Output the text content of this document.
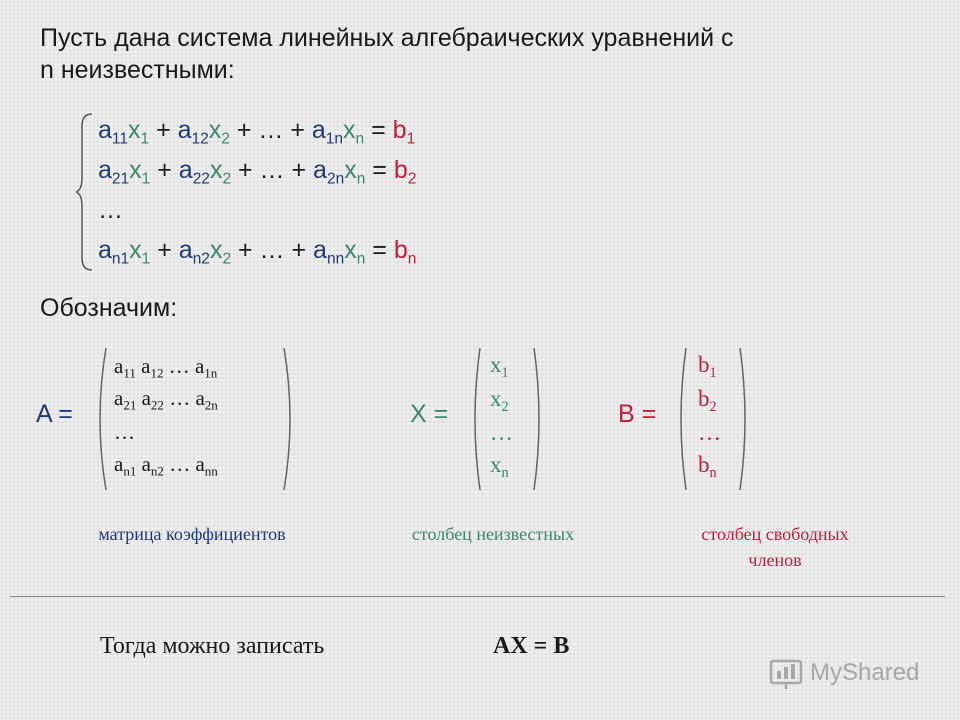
Пусть дана система линейных алгебраических уравнений с
n неизвестными:
$a_{11}x_1 + a_{12}x_2$ + … + $a_{1n}x_n = b_1$
$a_{21}x_1 + a_{22}x_2$ + … + $a_{2n}x_n = b_2$
…
$a_{n1}x_1 + a_{n2}x_2$ + … + $a_{nn}x_n = b_n$
Обозначим:
A =
$a_{11}$ $a_{12}$ … $a_{1n}$
$a_{21}$ $a_{22}$ … $a_{2n}$
…
$a_{n1}$ $a_{n2}$ … $a_{nn}$
X =
$x_1$
$x_2$
…
$x_n$
B =
$b_1$
$b_2$
…
$b_n$
матрица коэффициентов	столбец неизвестных	столбец свободных
членов
Тогда можно записать	AX = B
MyShared
